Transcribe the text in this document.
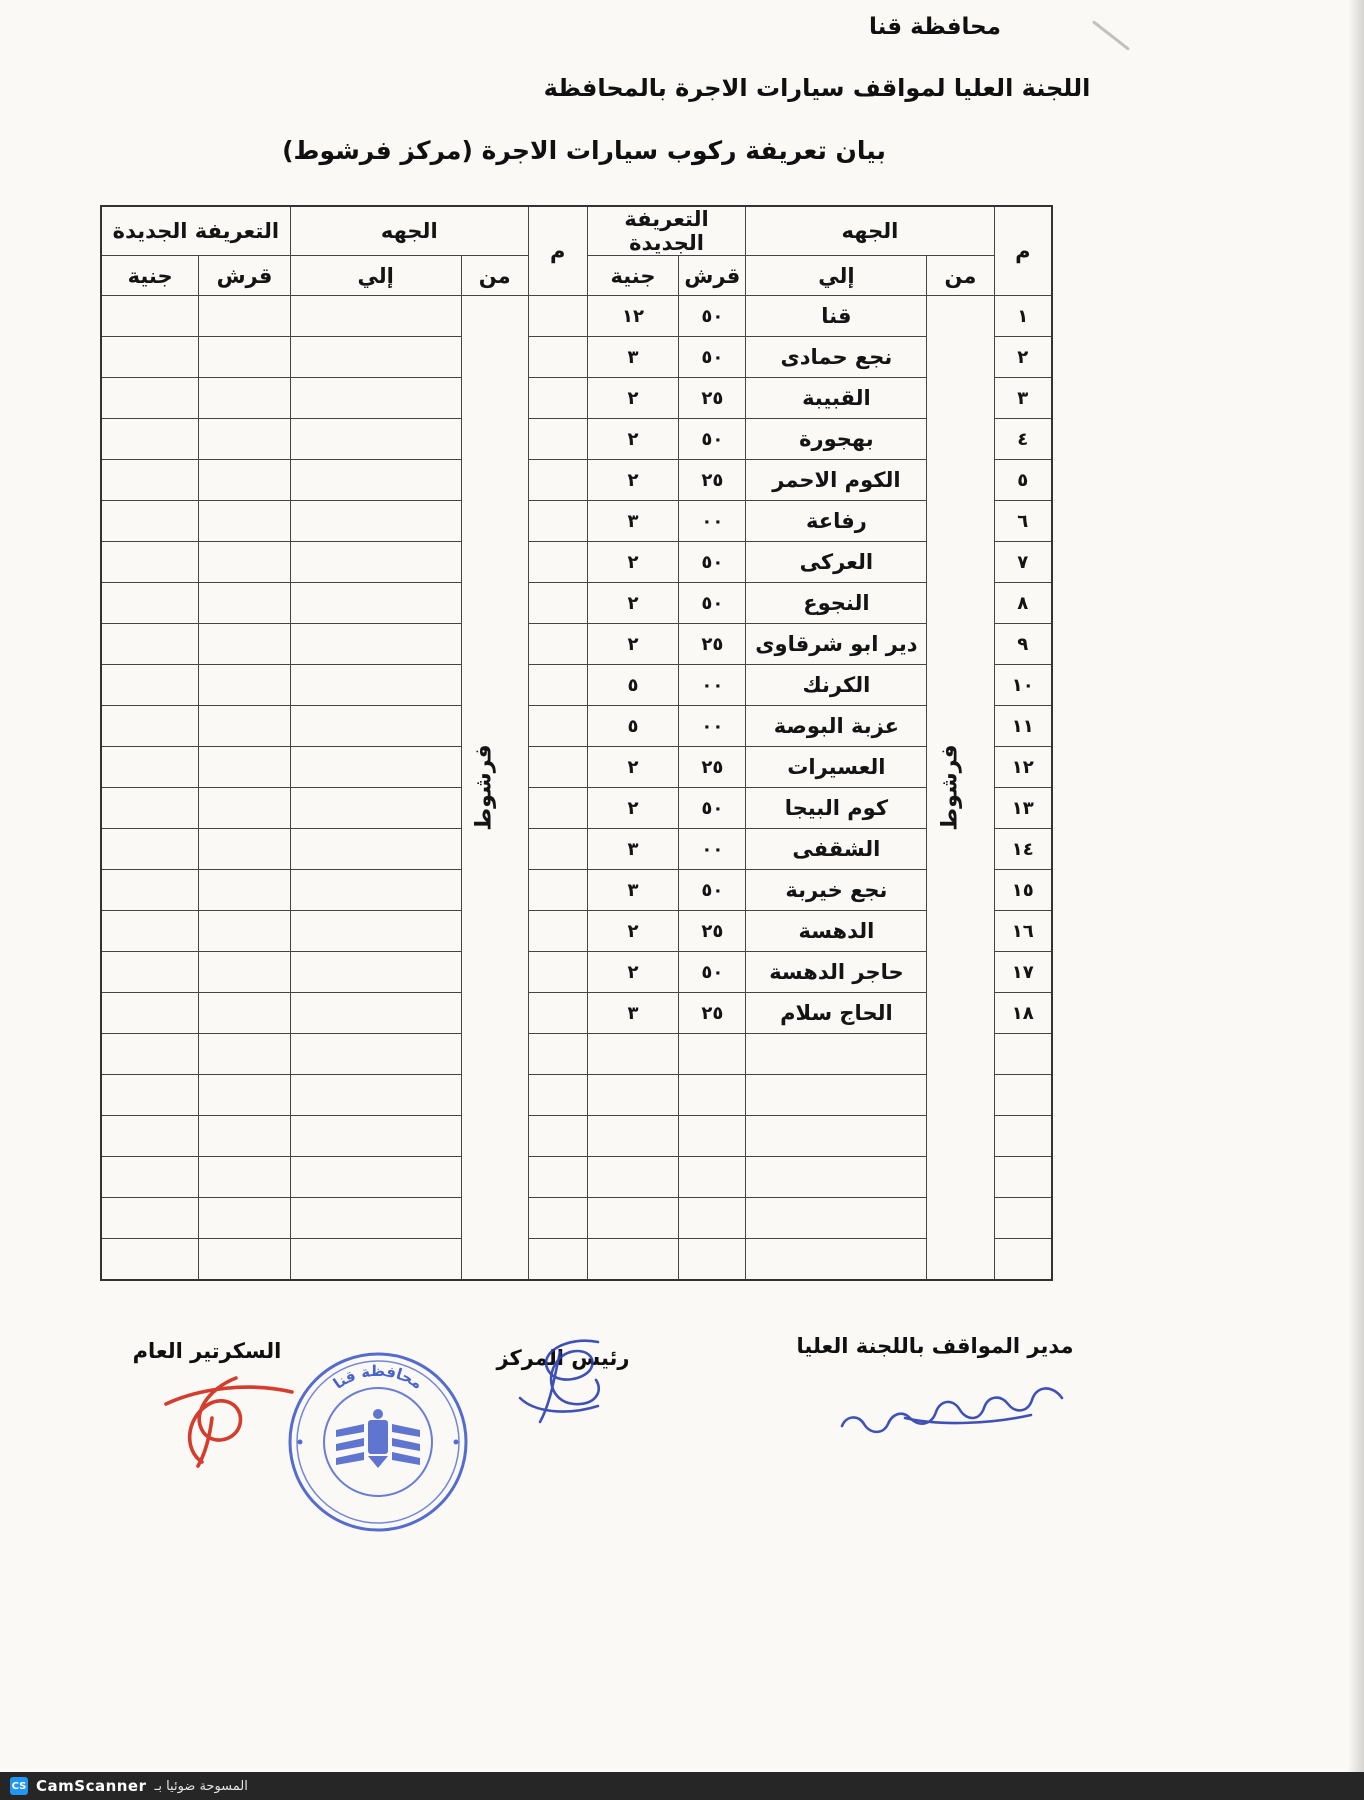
محافظة قنا
اللجنة العليا لمواقف سيارات الاجرة بالمحافظة
بيان تعريفة ركوب سيارات الاجرة (مركز فرشوط)
م	الجهه		التعريفة الجديدة		م	الجهه		التعريفة الجديدة	
	من	إلي	قرش	جنية		من	إلي	قرش	جنية
١	فرشوط	قنا	٥٠	١٢		فرشوط			
٢		نجع حمادى	٥٠	٣					
٣		القبيبة	٢٥	٢					
٤		بهجورة	٥٠	٢					
٥		الكوم الاحمر	٢٥	٢					
٦		رفاعة	٠٠	٣					
٧		العركى	٥٠	٢					
٨		النجوع	٥٠	٢					
٩		دير ابو شرقاوى	٢٥	٢					
١٠		الكرنك	٠٠	٥					
١١		عزبة البوصة	٠٠	٥					
١٢		العسيرات	٢٥	٢					
١٣		كوم البيجا	٥٠	٢					
١٤		الشقفى	٠٠	٣					
١٥		نجع خيربة	٥٠	٣					
١٦		الدهسة	٢٥	٢					
١٧		حاجر الدهسة	٥٠	٢					
١٨		الحاج سلام	٢٥	٣					

مدير المواقف باللجنة العليا
رئيس المركز
السكرتير العام
محافظة قنا
CS CamScanner المسوحة ضوئيا بـ
